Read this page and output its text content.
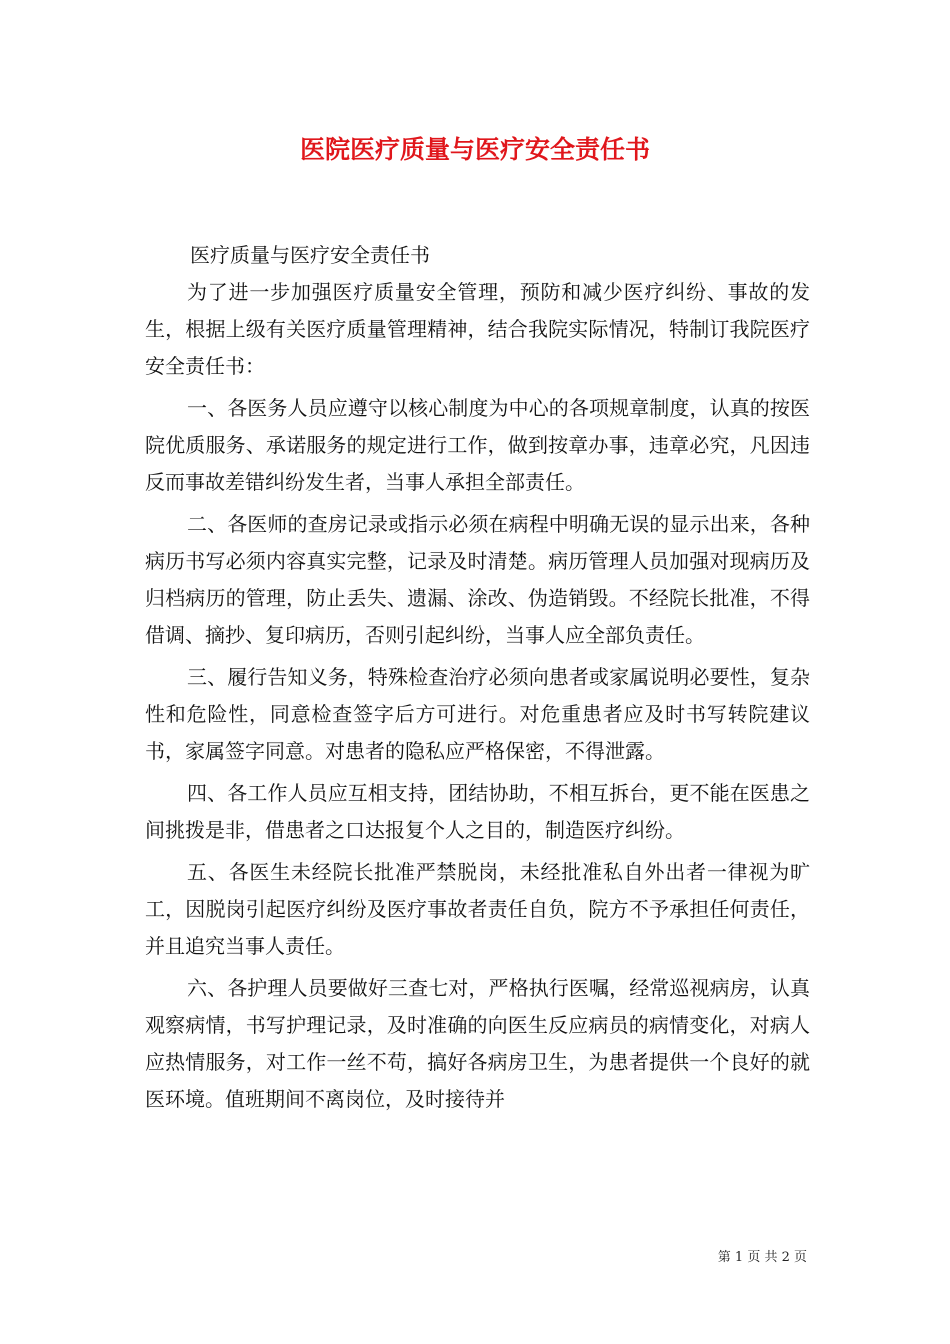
医院医疗质量与医疗安全责任书
医疗质量与医疗安全责任书

为了进一步加强医疗质量安全管理，预防和减少医疗纠纷、事故的发生，根据上级有关医疗质量管理精神，结合我院实际情况，特制订我院医疗安全责任书：

一、各医务人员应遵守以核心制度为中心的各项规章制度，认真的按医院优质服务、承诺服务的规定进行工作，做到按章办事，违章必究，凡因违反而事故差错纠纷发生者，当事人承担全部责任。

二、各医师的查房记录或指示必须在病程中明确无误的显示出来，各种病历书写必须内容真实完整，记录及时清楚。病历管理人员加强对现病历及归档病历的管理，防止丢失、遗漏、涂改、伪造销毁。不经院长批准，不得借调、摘抄、复印病历，否则引起纠纷，当事人应全部负责任。

三、履行告知义务，特殊检查治疗必须向患者或家属说明必要性，复杂性和危险性，同意检查签字后方可进行。对危重患者应及时书写转院建议书，家属签字同意。对患者的隐私应严格保密，不得泄露。

四、各工作人员应互相支持，团结协助，不相互拆台，更不能在医患之间挑拨是非，借患者之口达报复个人之目的，制造医疗纠纷。

五、各医生未经院长批准严禁脱岗，未经批准私自外出者一律视为旷工，因脱岗引起医疗纠纷及医疗事故者责任自负，院方不予承担任何责任，并且追究当事人责任。

六、各护理人员要做好三查七对，严格执行医嘱，经常巡视病房，认真观察病情，书写护理记录，及时准确的向医生反应病员的病情变化，对病人应热情服务，对工作一丝不苟，搞好各病房卫生，为患者提供一个良好的就医环境。值班期间不离岗位，及时接待并

第 1 页 共 2 页
